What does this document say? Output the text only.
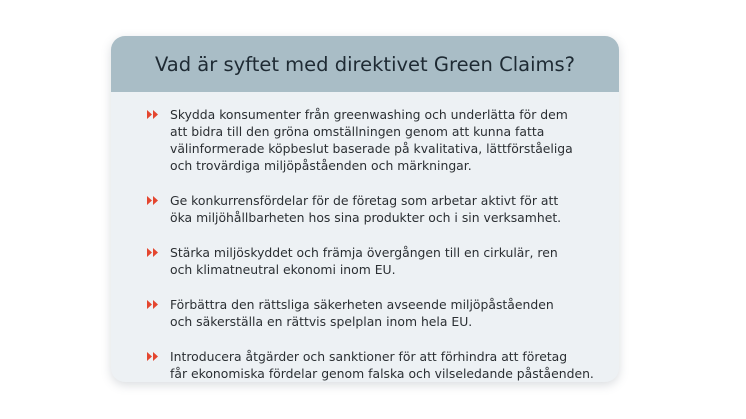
Vad är syftet med direktivet Green Claims?
Skydda konsumenter från greenwashing och underlätta för dem
att bidra till den gröna omställningen genom att kunna fatta
välinformerade köpbeslut baserade på kvalitativa, lättförståeliga
och trovärdiga miljöpåståenden och märkningar.
Ge konkurrensfördelar för de företag som arbetar aktivt för att
öka miljöhållbarheten hos sina produkter och i sin verksamhet.
Stärka miljöskyddet och främja övergången till en cirkulär, ren
och klimatneutral ekonomi inom EU.
Förbättra den rättsliga säkerheten avseende miljöpåståenden
och säkerställa en rättvis spelplan inom hela EU.
Introducera åtgärder och sanktioner för att förhindra att företag
får ekonomiska fördelar genom falska och vilseledande påståenden.
